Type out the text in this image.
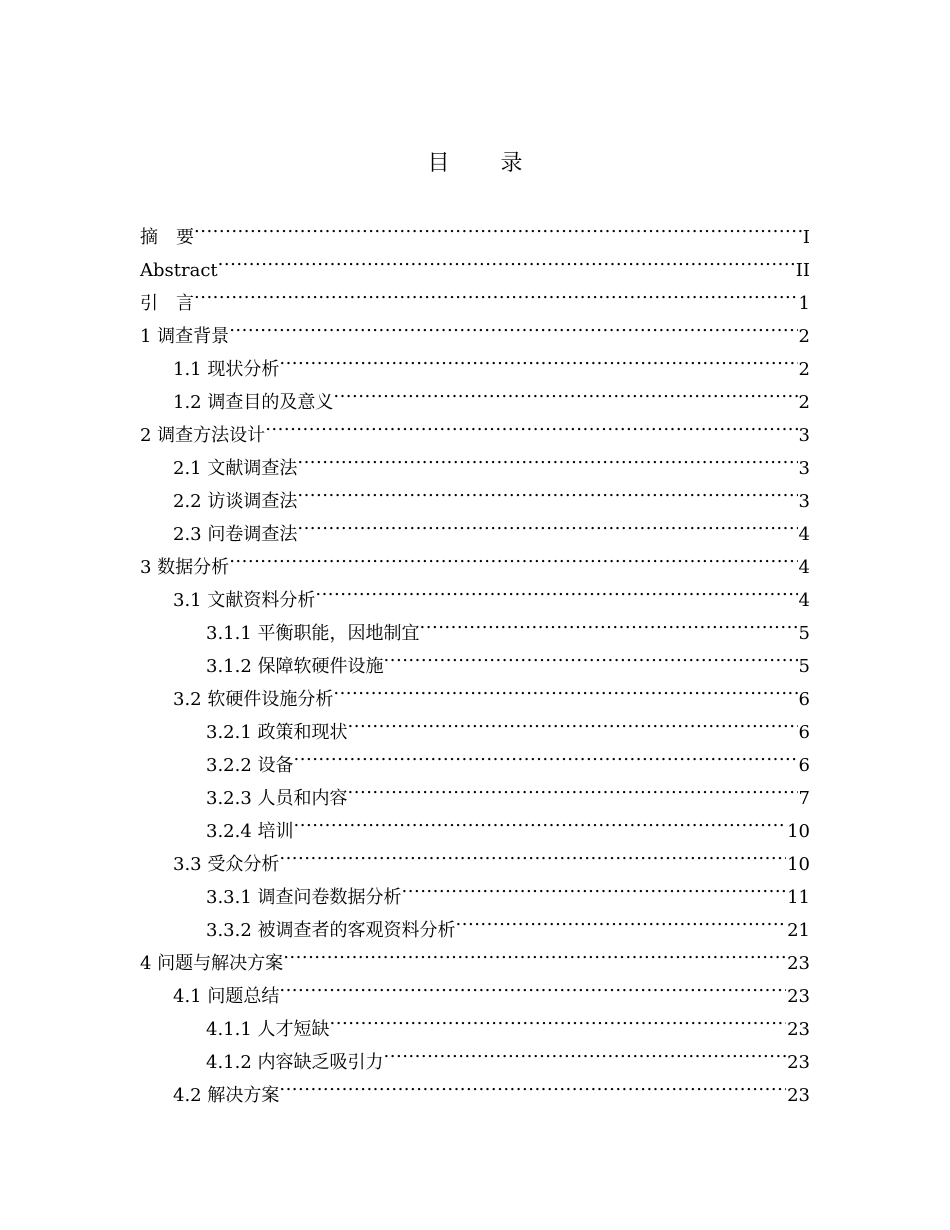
目 录
摘　要 .....	I
Abstract .....	II
引　言 .....	1
1 调查背景 .....	2
1.1 现状分析 .....	2
1.2 调查目的及意义 .....	2
2 调查方法设计 .....	3
2.1 文献调查法 .....	3
2.2 访谈调查法 .....	3
2.3 问卷调查法 .....	4
3 数据分析 .....	4
3.1 文献资料分析 .....	4
3.1.1 平衡职能，因地制宜 .....	5
3.1.2 保障软硬件设施 .....	5
3.2 软硬件设施分析 .....	6
3.2.1 政策和现状 .....	6
3.2.2 设备 .....	6
3.2.3 人员和内容 .....	7
3.2.4 培训 .....	10
3.3 受众分析 .....	10
3.3.1 调查问卷数据分析 .....	11
3.3.2 被调查者的客观资料分析 .....	21
4 问题与解决方案 .....	23
4.1 问题总结 .....	23
4.1.1 人才短缺 .....	23
4.1.2 内容缺乏吸引力 .....	23
4.2 解决方案 .....	23
